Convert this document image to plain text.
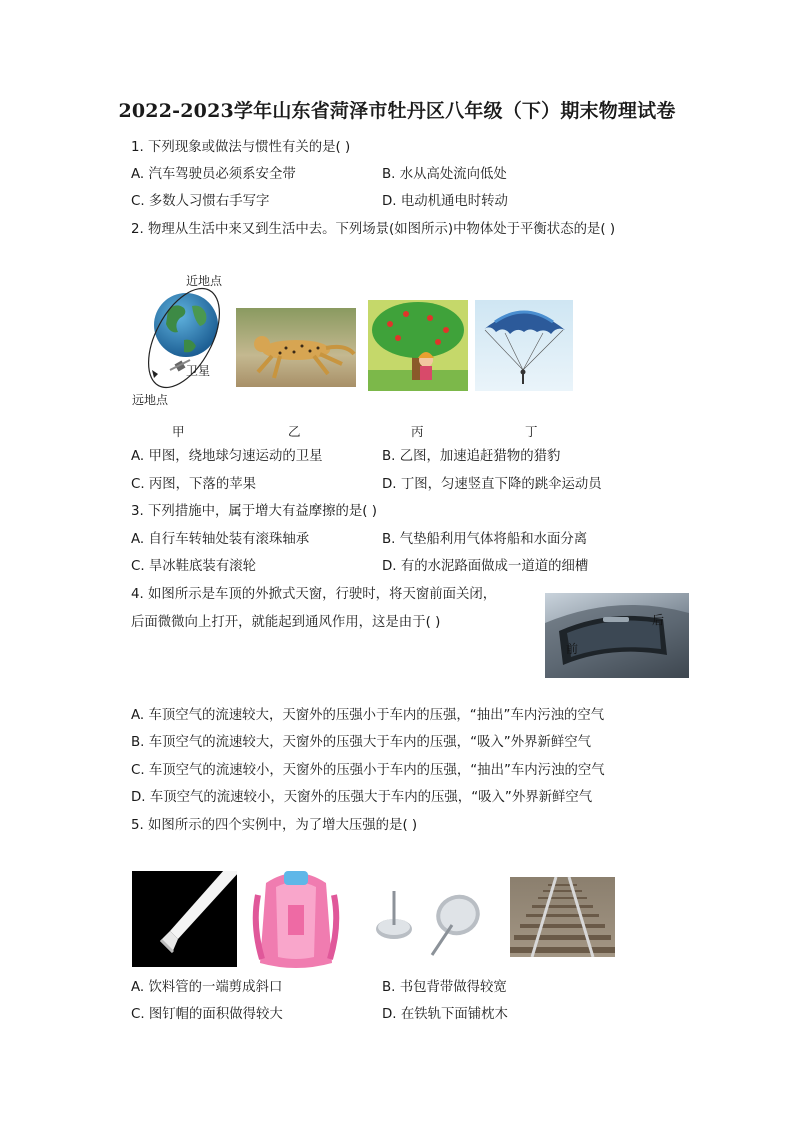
2022-2023学年山东省菏泽市牡丹区八年级（下）期末物理试卷
1. 下列现象或做法与惯性有关的是( )
A. 汽车驾驶员必须系安全带	B. 水从高处流向低处
C. 多数人习惯右手写字	D. 电动机通电时转动
2. 物理从生活中来又到生活中去。下列场景(如图所示)中物体处于平衡状态的是( )
近地点
卫星
远地点
甲	乙	丙	丁
A. 甲图，绕地球匀速运动的卫星	B. 乙图，加速追赶猎物的猎豹
C. 丙图，下落的苹果	D. 丁图，匀速竖直下降的跳伞运动员
3. 下列措施中，属于增大有益摩擦的是( )
A. 自行车转轴处装有滚珠轴承	B. 气垫船利用气体将船和水面分离
C. 旱冰鞋底装有滚轮	D. 有的水泥路面做成一道道的细槽
4. 如图所示是车顶的外掀式天窗，行驶时，将天窗前面关闭，
后面微微向上打开，就能起到通风作用，这是由于( )	后
前
A. 车顶空气的流速较大，天窗外的压强小于车内的压强，“抽出”车内污浊的空气
B. 车顶空气的流速较大，天窗外的压强大于车内的压强，“吸入”外界新鲜空气
C. 车顶空气的流速较小，天窗外的压强小于车内的压强，“抽出”车内污浊的空气
D. 车顶空气的流速较小，天窗外的压强大于车内的压强，“吸入”外界新鲜空气
5. 如图所示的四个实例中，为了增大压强的是( )
A. 饮料管的一端剪成斜口	B. 书包背带做得较宽
C. 图钉帽的面积做得较大	D. 在铁轨下面铺枕木
